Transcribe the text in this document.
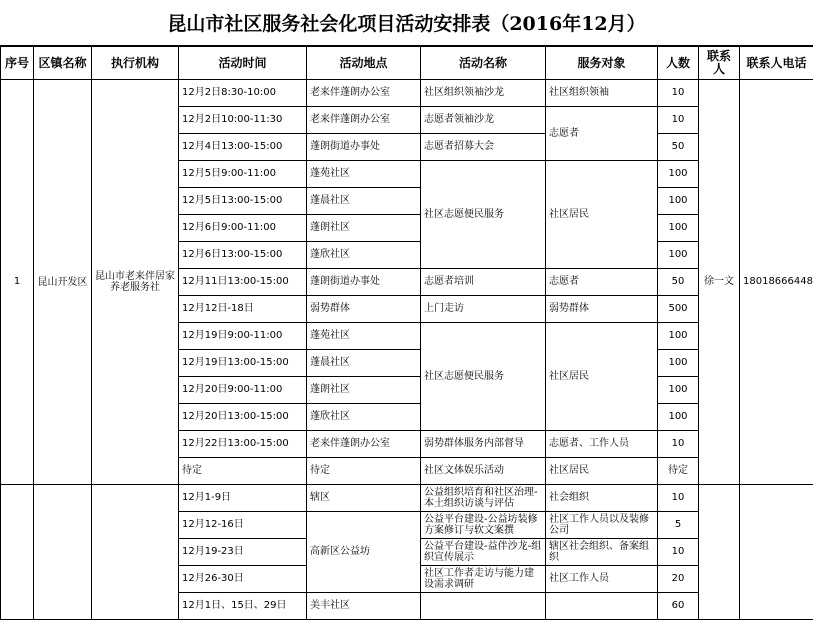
昆山市社区服务社会化项目活动安排表（2016年12月）
序号	区镇名称	执行机构	活动时间	活动地点	活动名称	服务对象	人数	联系人	联系人电话
1	昆山开发区	昆山市老来伴居家养老服务社	12月2日8:30-10:00	老来伴蓬朗办公室	社区组织领袖沙龙	社区组织领袖	10	徐一文	18018666448
			12月2日10:00-11:30	老来伴蓬朗办公室	志愿者领袖沙龙	志愿者	10		
			12月4日13:00-15:00	蓬朗街道办事处	志愿者招募大会		50		
			12月5日9:00-11:00	蓬苑社区	社区志愿便民服务	社区居民	100		
			12月5日13:00-15:00	蓬晨社区			100		
			12月6日9:00-11:00	蓬朗社区			100		
			12月6日13:00-15:00	蓬欣社区			100		
			12月11日13:00-15:00	蓬朗街道办事处	志愿者培训	志愿者	50		
			12月12日-18日	弱势群体	上门走访	弱势群体	500		
			12月19日9:00-11:00	蓬苑社区	社区志愿便民服务	社区居民	100		
			12月19日13:00-15:00	蓬晨社区			100		
			12月20日9:00-11:00	蓬朗社区			100		
			12月20日13:00-15:00	蓬欣社区			100		
			12月22日13:00-15:00	老来伴蓬朗办公室	弱势群体服务内部督导	志愿者、工作人员	10		
			待定	待定	社区文体娱乐活动	社区居民	待定		
			12月1-9日	辖区	公益组织培育和社区治理-本土组织访谈与评估	社会组织	10		
			12月12-16日	高新区公益坊	公益平台建设-公益坊装修方案修订与软文案撰	社区工作人员以及装修公司	5		
			12月19-23日		公益平台建设-益伴沙龙-组织宣传展示	辖区社会组织、备案组织	10		
			12月26-30日		社区工作者走访与能力建设需求调研	社区工作人员	20		
			12月1日、15日、29日	美丰社区			60		
